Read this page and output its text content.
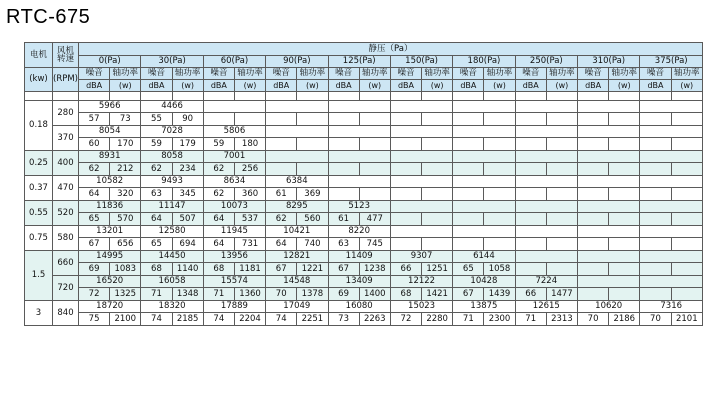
RTC-675
电机	风机
转速	静压（Pa）																			
		0(Pa)		30(Pa)		60(Pa)		90(Pa)		125(Pa)		150(Pa)		180(Pa)		250(Pa)		310(Pa)		375(Pa)	
(kw)	(RPM)	噪音	轴功率	噪音	轴功率	噪音	轴功率	噪音	轴功率	噪音	轴功率	噪音	轴功率	噪音	轴功率	噪音	轴功率	噪音	轴功率	噪音	轴功率
		dBA	(w)	dBA	(w)	dBA	(w)	dBA	(w)	dBA	(w)	dBA	(w)	dBA	(w)	dBA	(w)	dBA	(w)	dBA	(w)

0.18	280	5966		4466																	
		57	73	55	90																
	370	8054		7028		5806															
		60	170	59	179	59	180														
0.25	400	8931		8058		7001															
		62	212	62	234	62	256														
0.37	470	10582		9493		8634		6384													
		64	320	63	345	62	360	61	369												
0.55	520	11836		11147		10073		8295		5123											
		65	570	64	507	64	537	62	560	61	477										
0.75	580	13201		12580		11945		10421		8220											
		67	656	65	694	64	731	64	740	63	745										
1.5	660	14995		14450		13956		12821		11409		9307		6144							
		69	1083	68	1140	68	1181	67	1221	67	1238	66	1251	65	1058						
	720	16520		16058		15574		14548		13409		12122		10428		7224					
		72	1325	71	1348	71	1360	70	1378	69	1400	68	1421	67	1439	66	1477				
3	840	18720		18320		17889		17049		16080		15023		13875		12615		10620		7316	
		75	2100	74	2185	74	2204	74	2251	73	2263	72	2280	71	2300	71	2313	70	2186	70	2101
